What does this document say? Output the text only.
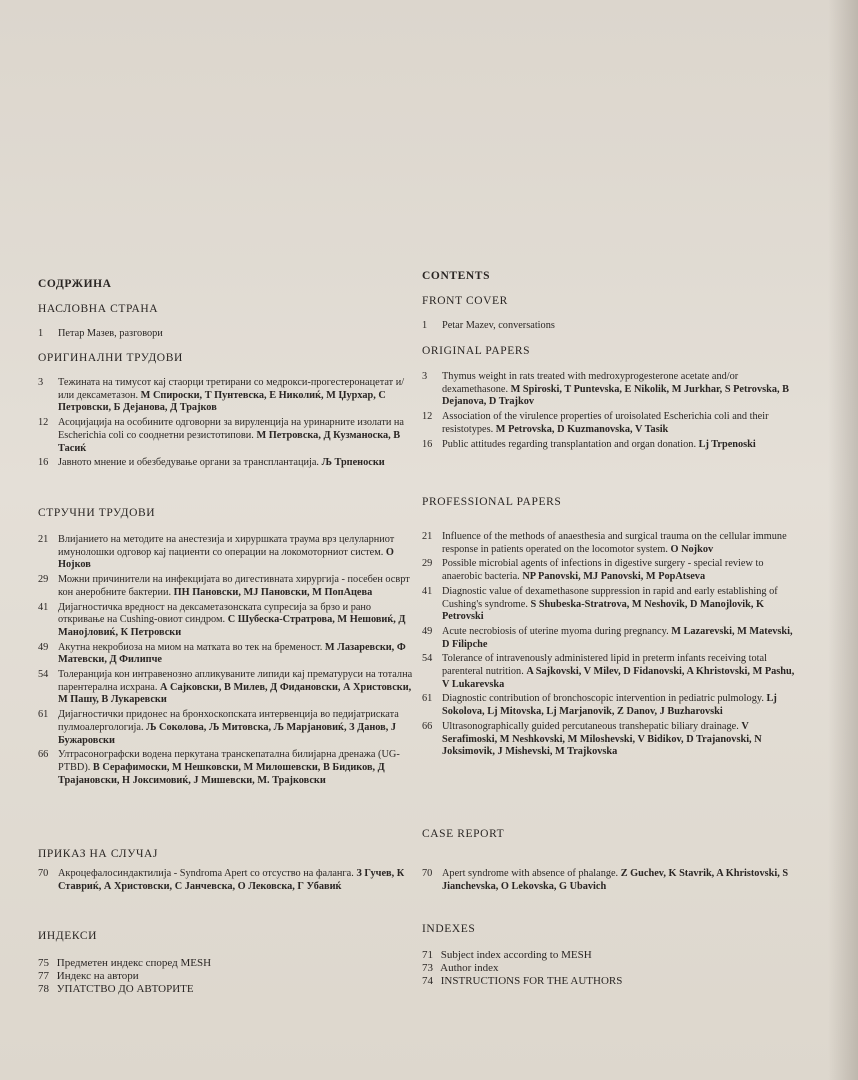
СОДРЖИНА
НАСЛОВНА СТРАНА
1	Петар Мазев, разговори
ОРИГИНАЛНИ ТРУДОВИ
3	Тежината на тимусот кај стаорци третирани со медрокси-прогестеронацетат и/или дексаметазон. М Спироски, Т Пунтевска, Е Николиќ, М Џурхар, С Петровски, Б Дејанова, Д Трајков
12 Асоцијација на особините одговорни за вируленција на уринарните изолати на Escherichia coli со сооднетни резистотипови. М Петровска, Д Кузманоска, В Тасиќ
16 Јавното мнение и обезбедување органи за трансплантација. Љ Трпеноски
СТРУЧНИ ТРУДОВИ
21 Влијанието на методите на анестезија и хируршката траума врз целуларниот имунолошки одговор кај пациенти со операции на локомоторниот систем. О Нојков
29 Можни причинители на инфекцијата во дигестивната хирургија - посебен осврт кон анеробните бактерии. ПН Пановски, МЈ Пановски, М ПопАцева
41 Дијагностичка вредност на дексаметазонската супресија за брзо и рано откривање на Cushing-овиот синдром. С Шубеска-Стратрова, М Нешовиќ, Д Манојловиќ, К Петровски
49 Акутна некробиоза на миом на матката во тек на бременост. М Лазаревски, Ф Матевски, Д Филипче
54 Толеранција кон интравенозно апликуваните липиди кај прематуруси на тотална парентерална исхрана. А Сајковски, В Милев, Д Фидановски, А Христовски, М Пашу, В Лукаревски
61 Дијагностички придонес на бронхоскопската интервенција во педијатриската пулмоалергологија. Љ Соколова, Љ Митовска, Љ Марјановиќ, З Данов, Ј Бужаровски
66 Ултрасонографски водена перкутана транскепатална билијарна дренажа (UG-PTBD). В Серафимоски, М Нешковски, М Милошевски, В Бидиков, Д Трајановски, Н Јоксимовиќ, Ј Мишевски, М. Трајковски
ПРИКАЗ НА СЛУЧАЈ
70 Акроцефалосиндактилија - Syndroma Apert со отсуство на фаланга. З Гучев, К Ставриќ, А Христовски, С Јанчевска, О Лековска, Г Убавиќ
ИНДЕКСИ
75 Предметен индекс според MESH
77 Индекс на автори
78 УПАТСТВО ДО АВТОРИТЕ
CONTENTS
FRONT COVER
1	Petar Mazev, conversations
ORIGINAL PAPERS
3	Thymus weight in rats treated with medroxyprogesterone acetate and/or dexamethasone. M Spiroski, T Puntevska, E Nikolik, M Jurkhar, S Petrovska, B Dejanova, D Trajkov
12 Association of the virulence properties of uroisolated Escherichia coli and their resistotypes. M Petrovska, D Kuzmanovska, V Tasik
16 Public attitudes regarding transplantation and organ donation. Lj Trpenoski
PROFESSIONAL PAPERS
21 Influence of the methods of anaesthesia and surgical trauma on the cellular immune response in patients operated on the locomotor system. O Nojkov
29 Possible microbial agents of infections in digestive surgery - special review to anaerobic bacteria. NP Panovski, MJ Panovski, M PopAtseva
41 Diagnostic value of dexamethasone suppression in rapid and early establishing of Cushing's syndrome. S Shubeska-Stratrova, M Neshovik, D Manojlovik, K Petrovski
49 Acute necrobiosis of uterine myoma during pregnancy. M Lazarevski, M Matevski, D Filipche
54 Tolerance of intravenously administered lipid in preterm infants receiving total parenteral nutrition. A Sajkovski, V Milev, D Fidanovski, A Khristovski, M Pashu, V Lukarevska
61 Diagnostic contribution of bronchoscopic intervention in pediatric pulmology. Lj Sokolova, Lj Mitovska, Lj Marjanovik, Z Danov, J Buzharovski
66 Ultrasonographically guided percutaneous transhepatic biliary drainage. V Serafimoski, M Neshkovski, M Miloshevski, V Bidikov, D Trajanovski, N Joksimovik, J Mishevski, M Trajkovska
CASE REPORT
70 Apert syndrome with absence of phalange. Z Guchev, K Stavrik, A Khristovski, S Jianchevska, O Lekovska, G Ubavich
INDEXES
71 Subject index according to MESH
73 Author index
74 INSTRUCTIONS FOR THE AUTHORS
